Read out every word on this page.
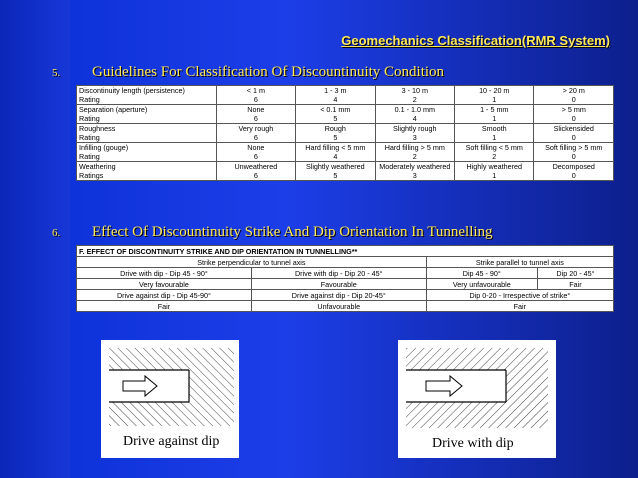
Geomechanics Classification(RMR System)
5. Guidelines For Classification Of Discountinuity Condition
Discontinuity length (persistence)	< 1 m	1 - 3 m	3 - 10 m	10 - 20 m	> 20 m
Rating	6	4	2	1	0
Separation (aperture)	None	< 0.1 mm	0.1 - 1.0 mm	1 - 5 mm	> 5 mm
Rating	6	5	4	1	0
Roughness	Very rough	Rough	Slightly rough	Smooth	Slickensided
Rating	6	5	3	1	0
Infilling (gouge)	None	Hard filling < 5 mm	Hard filling > 5 mm	Soft filling < 5 mm	Soft filling > 5 mm
Rating	6	4	2	2	0
Weathering	Unweathered	Slightly weathered	Moderately weathered	Highly weathered	Decomposed
Ratings	6	5	3	1	0
6. Effect Of Discountinuity Strike And Dip Orientation In Tunnelling
F. EFFECT OF DISCONTINUITY STRIKE AND DIP ORIENTATION IN TUNNELLING**			
Strike perpendicular to tunnel axis		Strike parallel to tunnel axis	
Drive with dip - Dip 45 - 90°	Drive with dip - Dip 20 - 45°	Dip 45 - 90°	Dip 20 - 45°
Very favourable	Favourable	Very unfavourable	Fair
Drive against dip - Dip 45-90°	Drive against dip - Dip 20-45°	Dip 0-20 - Irrespective of strike°	
Fair	Unfavourable	Fair	
Drive against dip	Drive with dip
